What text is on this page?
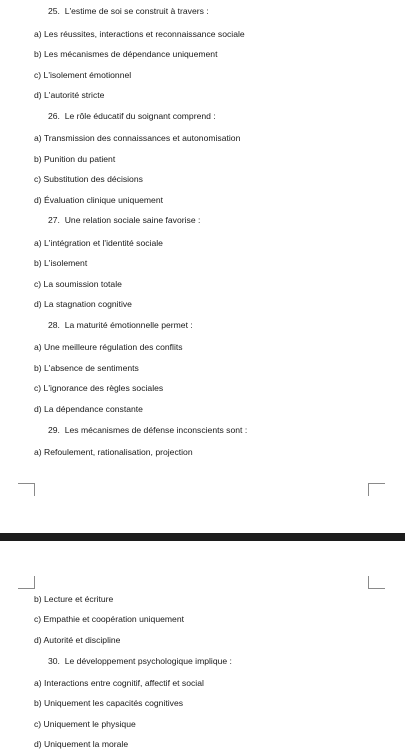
25.  L'estime de soi se construit à travers :
a) Les réussites, interactions et reconnaissance sociale
b) Les mécanismes de dépendance uniquement
c) L'isolement émotionnel
d) L'autorité stricte
26.  Le rôle éducatif du soignant comprend :
a) Transmission des connaissances et autonomisation
b) Punition du patient
c) Substitution des décisions
d) Évaluation clinique uniquement
27.  Une relation sociale saine favorise :
a) L'intégration et l'identité sociale
b) L'isolement
c) La soumission totale
d) La stagnation cognitive
28.  La maturité émotionnelle permet :
a) Une meilleure régulation des conflits
b) L'absence de sentiments
c) L'ignorance des règles sociales
d) La dépendance constante
29.  Les mécanismes de défense inconscients sont :
a) Refoulement, rationalisation, projection
b) Lecture et écriture
c) Empathie et coopération uniquement
d) Autorité et discipline
30.  Le développement psychologique implique :
a) Interactions entre cognitif, affectif et social
b) Uniquement les capacités cognitives
c) Uniquement le physique
d) Uniquement la morale
